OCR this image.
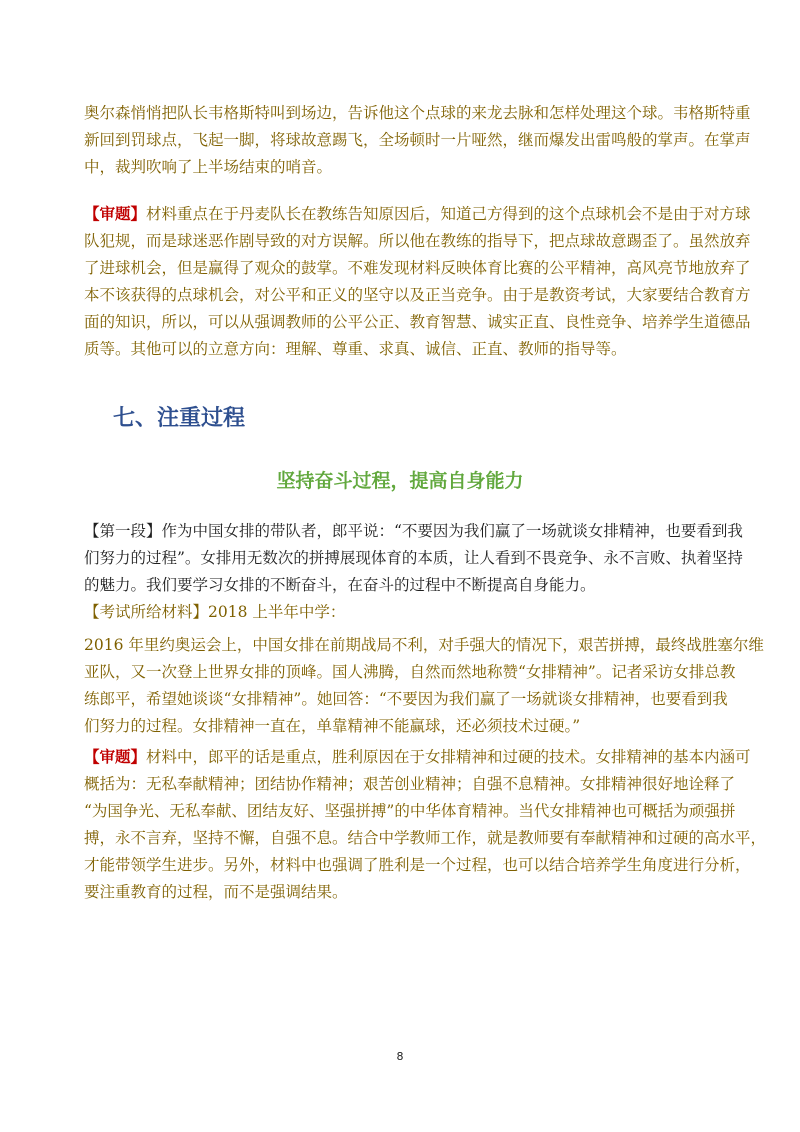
奥尔森悄悄把队长韦格斯特叫到场边，告诉他这个点球的来龙去脉和怎样处理这个球。韦格斯特重
新回到罚球点，飞起一脚，将球故意踢飞，全场顿时一片哑然，继而爆发出雷鸣般的掌声。在掌声
中，裁判吹响了上半场结束的哨音。
【审题】材料重点在于丹麦队长在教练告知原因后，知道己方得到的这个点球机会不是由于对方球
队犯规，而是球迷恶作剧导致的对方误解。所以他在教练的指导下，把点球故意踢歪了。虽然放弃
了进球机会，但是赢得了观众的鼓掌。不难发现材料反映体育比赛的公平精神，高风亮节地放弃了
本不该获得的点球机会，对公平和正义的坚守以及正当竞争。由于是教资考试，大家要结合教育方
面的知识，所以，可以从强调教师的公平公正、教育智慧、诚实正直、良性竞争、培养学生道德品
质等。其他可以的立意方向：理解、尊重、求真、诚信、正直、教师的指导等。
七、注重过程
坚持奋斗过程，提高自身能力
【第一段】作为中国女排的带队者，郎平说：“不要因为我们赢了一场就谈女排精神，也要看到我
们努力的过程”。女排用无数次的拼搏展现体育的本质，让人看到不畏竞争、永不言败、执着坚持
的魅力。我们要学习女排的不断奋斗，在奋斗的过程中不断提高自身能力。
【考试所给材料】2018 上半年中学：
2016 年里约奥运会上，中国女排在前期战局不利，对手强大的情况下，艰苦拼搏，最终战胜塞尔维
亚队，又一次登上世界女排的顶峰。国人沸腾，自然而然地称赞“女排精神”。记者采访女排总教
练郎平，希望她谈谈“女排精神”。她回答：“不要因为我们赢了一场就谈女排精神，也要看到我
们努力的过程。女排精神一直在，单靠精神不能赢球，还必须技术过硬。”
【审题】材料中，郎平的话是重点，胜利原因在于女排精神和过硬的技术。女排精神的基本内涵可
概括为：无私奉献精神；团结协作精神；艰苦创业精神；自强不息精神。女排精神很好地诠释了
“为国争光、无私奉献、团结友好、坚强拼搏”的中华体育精神。当代女排精神也可概括为顽强拼
搏，永不言弃，坚持不懈，自强不息。结合中学教师工作，就是教师要有奉献精神和过硬的高水平，
才能带领学生进步。另外，材料中也强调了胜利是一个过程，也可以结合培养学生角度进行分析，
要注重教育的过程，而不是强调结果。
8
